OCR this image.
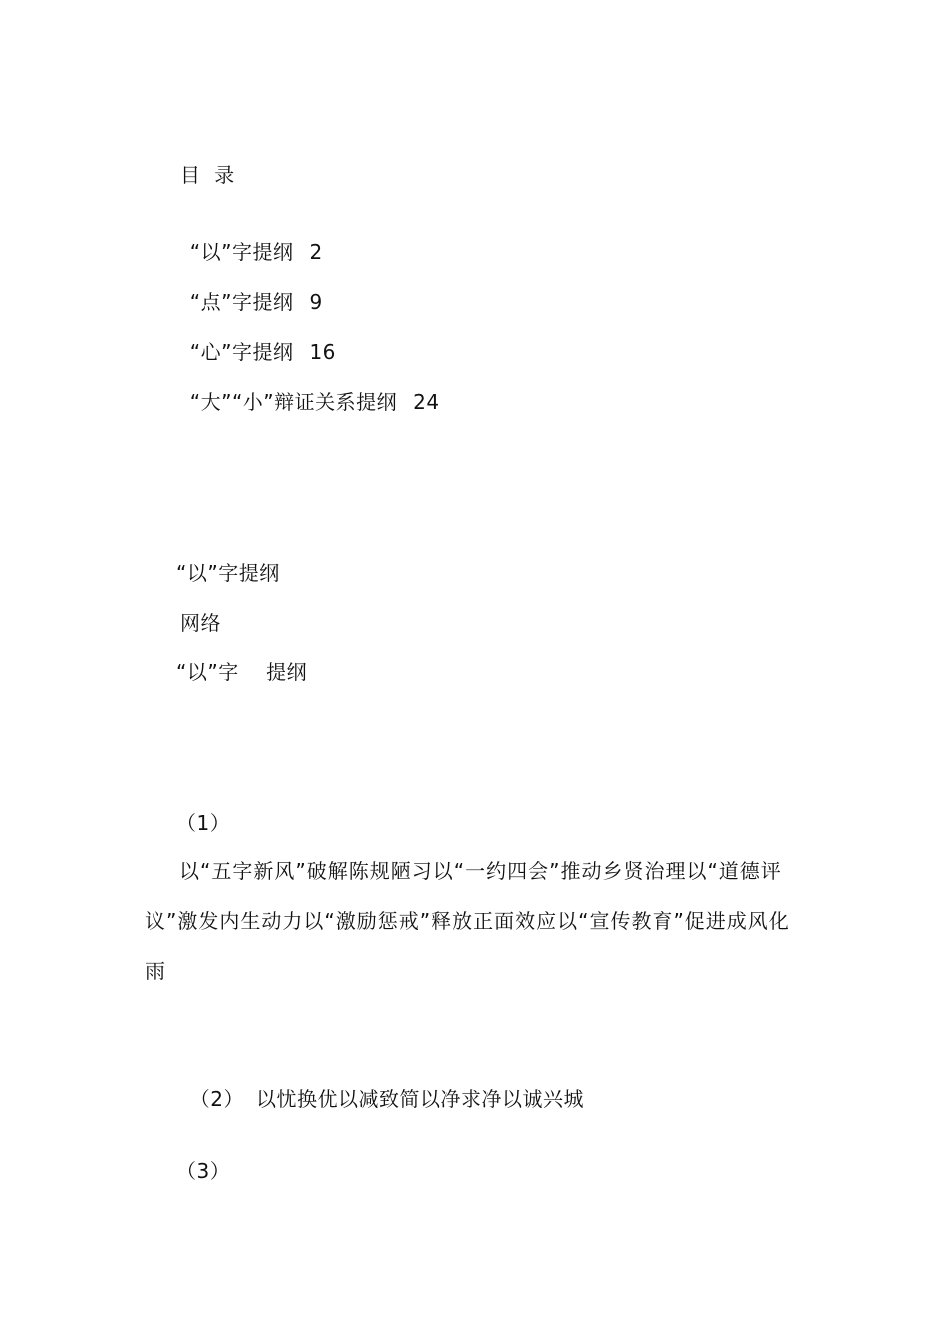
目  录

“以”字提纲 2

“点”字提纲 9

“心”字提纲 16

“大”“小”辩证关系提纲 24

“以”字提纲
网络
“以”字    提纲
（1）
以“五字新风”破解陈规陋习以“一约四会”推动乡贤治理以“道德评议”激发内生动力以“激励惩戒”释放正面效应以“宣传教育”促进成风化雨

（2） 以忧换优以减致简以净求净以诚兴城

（3）
